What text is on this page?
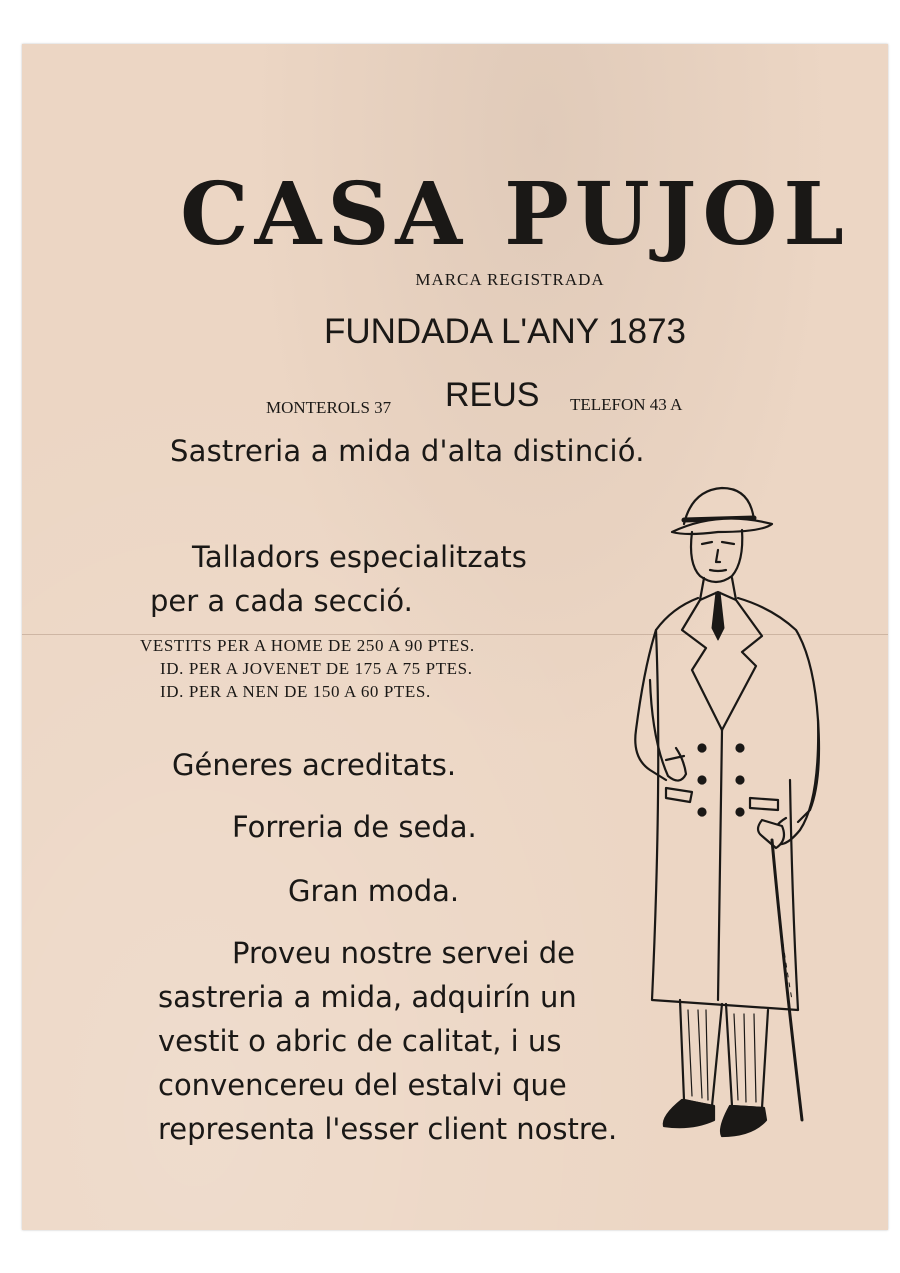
CASA PUJOL
MARCA REGISTRADA
FUNDADA L'ANY 1873
MONTEROLS 37 REUS TELEFON 43 A
Sastreria a mida d'alta distinció.
Talladors especialitzats
per a cada secció.
VESTITS PER A HOME DE 250 A 90 PTES.
ID. PER A JOVENET DE 175 A 75 PTES.
ID. PER A NEN DE 150 A 60 PTES.
Géneres acreditats.
Forreria de seda.
Gran moda.
Proveu nostre servei de
sastreria a mida, adquirín un
vestit o abric de calitat, i us
convencereu del estalvi que
representa l'esser client nostre.
